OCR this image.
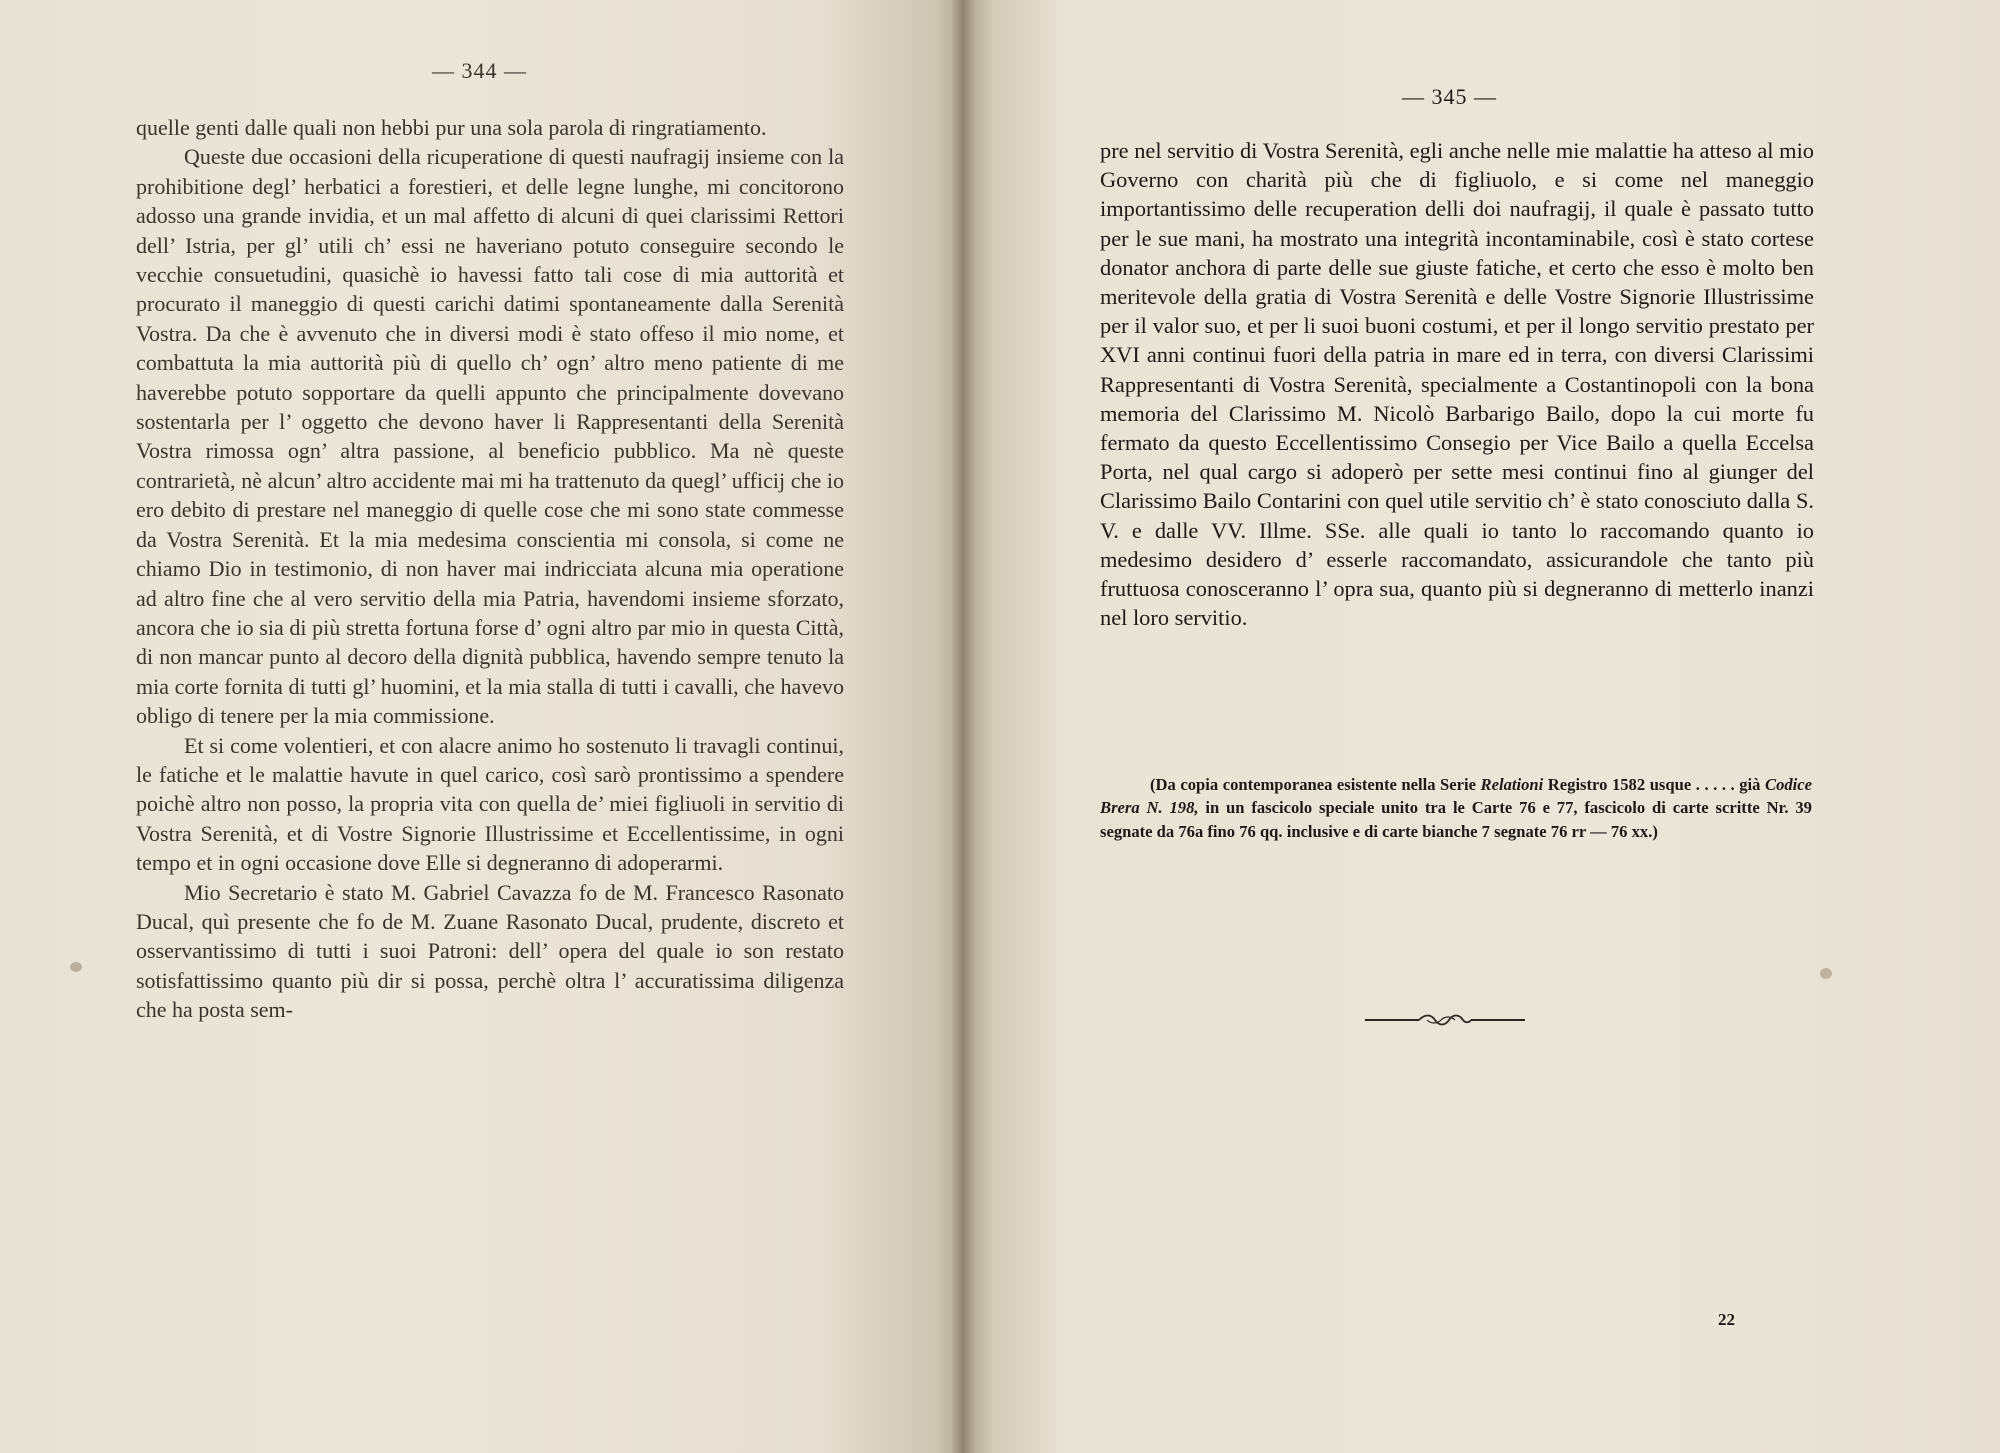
— 344 —

quelle genti dalle quali non hebbi pur una sola parola di ringratiamento.

Queste due occasioni della ricuperatione di questi naufragij insieme con la prohibitione degl’ herbatici a forestieri, et delle legne lunghe, mi concitorono adosso una grande invidia, et un mal affetto di alcuni di quei clarissimi Rettori dell’ Istria, per gl’ utili ch’ essi ne haveriano potuto conseguire secondo le vecchie consuetudini, quasichè io havessi fatto tali cose di mia auttorità et procurato il maneggio di questi carichi datimi spontaneamente dalla Serenità Vostra. Da che è avvenuto che in diversi modi è stato offeso il mio nome, et combattuta la mia auttorità più di quello ch’ ogn’ altro meno patiente di me haverebbe potuto sopportare da quelli appunto che principalmente dovevano sostentarla per l’ oggetto che devono haver li Rappresentanti della Serenità Vostra rimossa ogn’ altra passione, al beneficio pubblico. Ma nè queste contrarietà, nè alcun’ altro accidente mai mi ha trattenuto da quegl’ ufficij che io ero debito di prestare nel maneggio di quelle cose che mi sono state commesse da Vostra Serenità. Et la mia medesima conscientia mi consola, si come ne chiamo Dio in testimonio, di non haver mai indricciata alcuna mia operatione ad altro fine che al vero servitio della mia Patria, havendomi insieme sforzato, ancora che io sia di più stretta fortuna forse d’ ogni altro par mio in questa Città, di non mancar punto al decoro della dignità pubblica, havendo sempre tenuto la mia corte fornita di tutti gl’ huomini, et la mia stalla di tutti i cavalli, che havevo obligo di tenere per la mia commissione.

Et si come volentieri, et con alacre animo ho sostenuto li travagli continui, le fatiche et le malattie havute in quel carico, così sarò prontissimo a spendere poichè altro non posso, la propria vita con quella de’ miei figliuoli in servitio di Vostra Serenità, et di Vostre Signorie Illustrissime et Eccellentissime, in ogni tempo et in ogni occasione dove Elle si degneranno di adoperarmi.

Mio Secretario è stato M. Gabriel Cavazza fo de M. Francesco Rasonato Ducal, quì presente che fo de M. Zuane Rasonato Ducal, prudente, discreto et osservantissimo di tutti i suoi Patroni: dell’ opera del quale io son restato sotisfattissimo quanto più dir si possa, perchè oltra l’ accuratissima diligenza che ha posta sem-

— 345 —

pre nel servitio di Vostra Serenità, egli anche nelle mie malattie ha atteso al mio Governo con charità più che di figliuolo, e si come nel maneggio importantissimo delle recuperation delli doi naufragij, il quale è passato tutto per le sue mani, ha mostrato una integrità incontaminabile, così è stato cortese donator anchora di parte delle sue giuste fatiche, et certo che esso è molto ben meritevole della gratia di Vostra Serenità e delle Vostre Signorie Illustrissime per il valor suo, et per li suoi buoni costumi, et per il longo servitio prestato per XVI anni continui fuori della patria in mare ed in terra, con diversi Clarissimi Rappresentanti di Vostra Serenità, specialmente a Costantinopoli con la bona memoria del Clarissimo M. Nicolò Barbarigo Bailo, dopo la cui morte fu fermato da questo Eccellentissimo Consegio per Vice Bailo a quella Eccelsa Porta, nel qual cargo si adoperò per sette mesi continui fino al giunger del Clarissimo Bailo Contarini con quel utile servitio ch’ è stato conosciuto dalla S. V. e dalle VV. Illme. SSe. alle quali io tanto lo raccomando quanto io medesimo desidero d’ esserle raccomandato, assicurandole che tanto più fruttuosa conosceranno l’ opra sua, quanto più si degneranno di metterlo inanzi nel loro servitio.

(Da copia contemporanea esistente nella Serie Relationi Registro 1582 usque . . . . . già Codice Brera N. 198, in un fascicolo speciale unito tra le Carte 76 e 77, fascicolo di carte scritte Nr. 39 segnate da 76a fino 76 qq. inclusive e di carte bianche 7 segnate 76 rr — 76 xx.)
22
